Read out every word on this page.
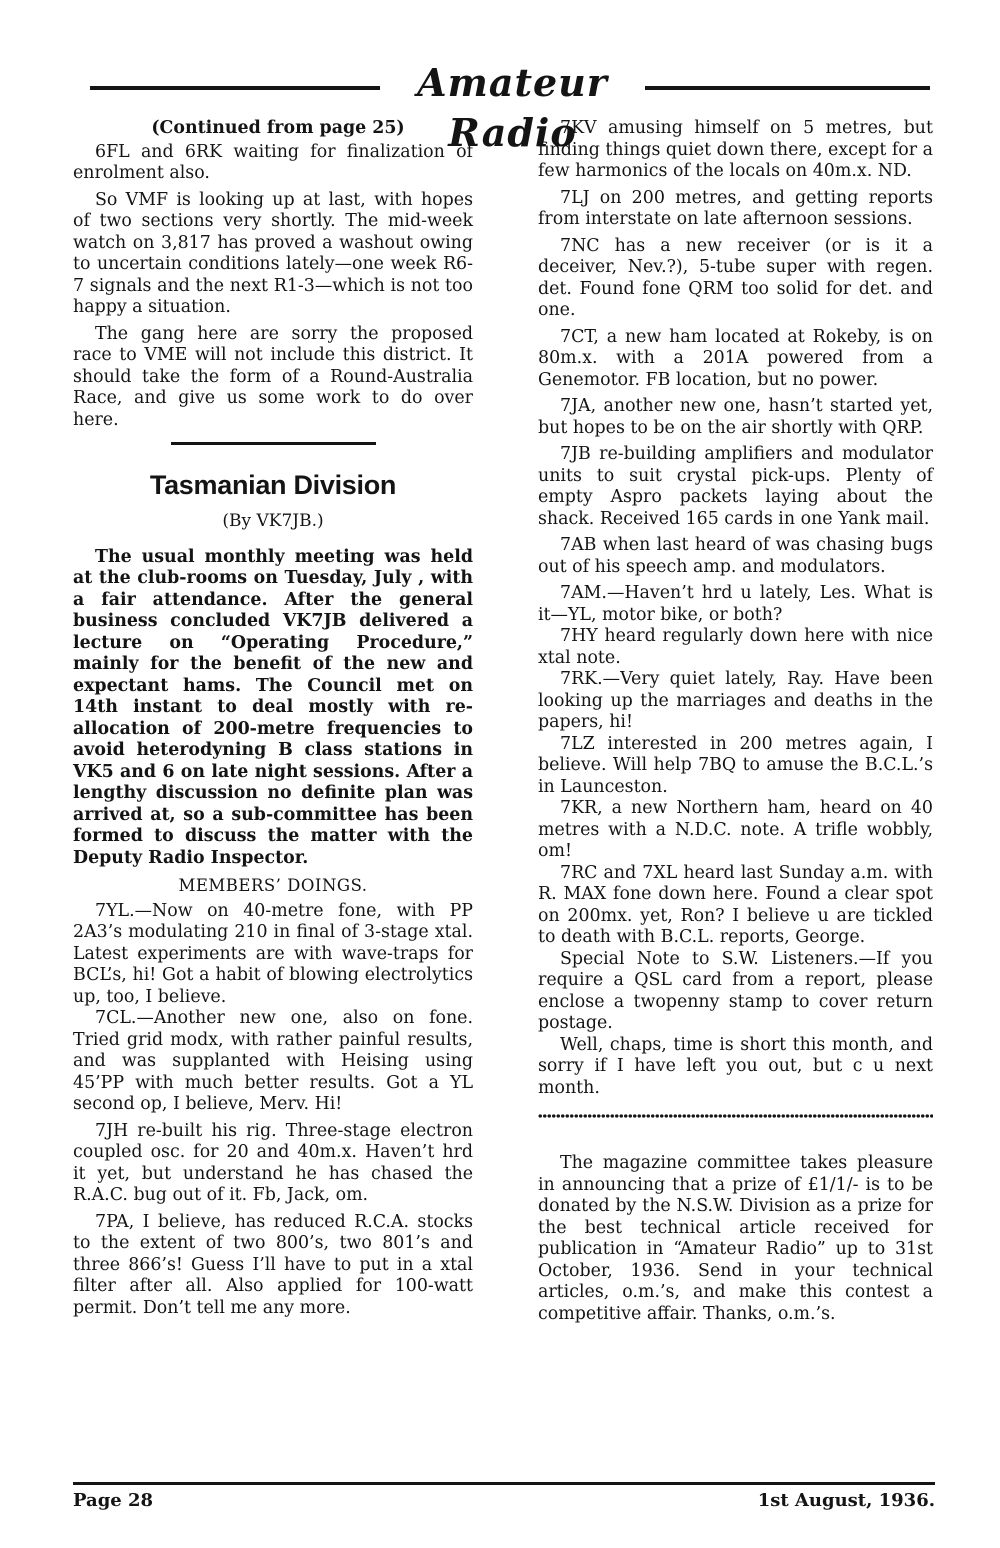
Amateur Radio

(Continued from page 25)

6FL and 6RK waiting for finalization of enrolment also.

So VMF is looking up at last, with hopes of two sections very shortly. The mid-week watch on 3,817 has proved a washout owing to uncertain conditions lately—one week R6-7 signals and the next R1-3—which is not too happy a situation.

The gang here are sorry the proposed race to VME will not include this district. It should take the form of a Round-Australia Race, and give us some work to do over here.

Tasmanian Division

(By VK7JB.)

The usual monthly meeting was held at the club-rooms on Tuesday, July , with a fair attendance. After the general business concluded VK7JB delivered a lecture on “Operating Procedure,” mainly for the benefit of the new and expectant hams. The Council met on 14th instant to deal mostly with re-allocation of 200-metre frequencies to avoid heterodyning B class stations in VK5 and 6 on late night sessions. After a lengthy discussion no definite plan was arrived at, so a sub-committee has been formed to discuss the matter with the Deputy Radio Inspector.

MEMBERS’ DOINGS.

7YL.—Now on 40-metre fone, with PP 2A3’s modulating 210 in final of 3-stage xtal. Latest experiments are with wave-traps for BCL’s, hi! Got a habit of blowing electrolytics up, too, I believe.

7CL.—Another new one, also on fone. Tried grid modx, with rather painful results, and was supplanted with Heising using 45’PP with much better results. Got a YL second op, I believe, Merv. Hi!

7JH re-built his rig. Three-stage electron coupled osc. for 20 and 40m.x. Haven’t hrd it yet, but understand he has chased the R.A.C. bug out of it. Fb, Jack, om.

7PA, I believe, has reduced R.C.A. stocks to the extent of two 800’s, two 801’s and three 866’s! Guess I’ll have to put in a xtal filter after all. Also applied for 100-watt permit. Don’t tell me any more.

7KV amusing himself on 5 metres, but finding things quiet down there, except for a few harmonics of the locals on 40m.x. ND.

7LJ on 200 metres, and getting reports from interstate on late afternoon sessions.

7NC has a new receiver (or is it a deceiver, Nev.?), 5-tube super with regen. det. Found fone QRM too solid for det. and one.

7CT, a new ham located at Rokeby, is on 80m.x. with a 201A powered from a Genemotor. FB location, but no power.

7JA, another new one, hasn’t started yet, but hopes to be on the air shortly with QRP.

7JB re-building amplifiers and modulator units to suit crystal pick-ups. Plenty of empty Aspro packets laying about the shack. Received 165 cards in one Yank mail.

7AB when last heard of was chasing bugs out of his speech amp. and modulators.

7AM.—Haven’t hrd u lately, Les. What is it—YL, motor bike, or both?

7HY heard regularly down here with nice xtal note.

7RK.—Very quiet lately, Ray. Have been looking up the marriages and deaths in the papers, hi!

7LZ interested in 200 metres again, I believe. Will help 7BQ to amuse the B.C.L.’s in Launceston.

7KR, a new Northern ham, heard on 40 metres with a N.D.C. note. A trifle wobbly, om!

7RC and 7XL heard last Sunday a.m. with R. MAX fone down here. Found a clear spot on 200mx. yet, Ron? I believe u are tickled to death with B.C.L. reports, George.

Special Note to S.W. Listeners.—If you require a QSL card from a report, please enclose a twopenny stamp to cover return postage.

Well, chaps, time is short this month, and sorry if I have left you out, but c u next month.

The magazine committee takes pleasure in announcing that a prize of £1/1/- is to be donated by the N.S.W. Division as a prize for the best technical article received for publication in “Amateur Radio” up to 31st October, 1936. Send in your technical articles, o.m.’s, and make this contest a competitive affair. Thanks, o.m.’s.

Page 28	1st August, 1936.
